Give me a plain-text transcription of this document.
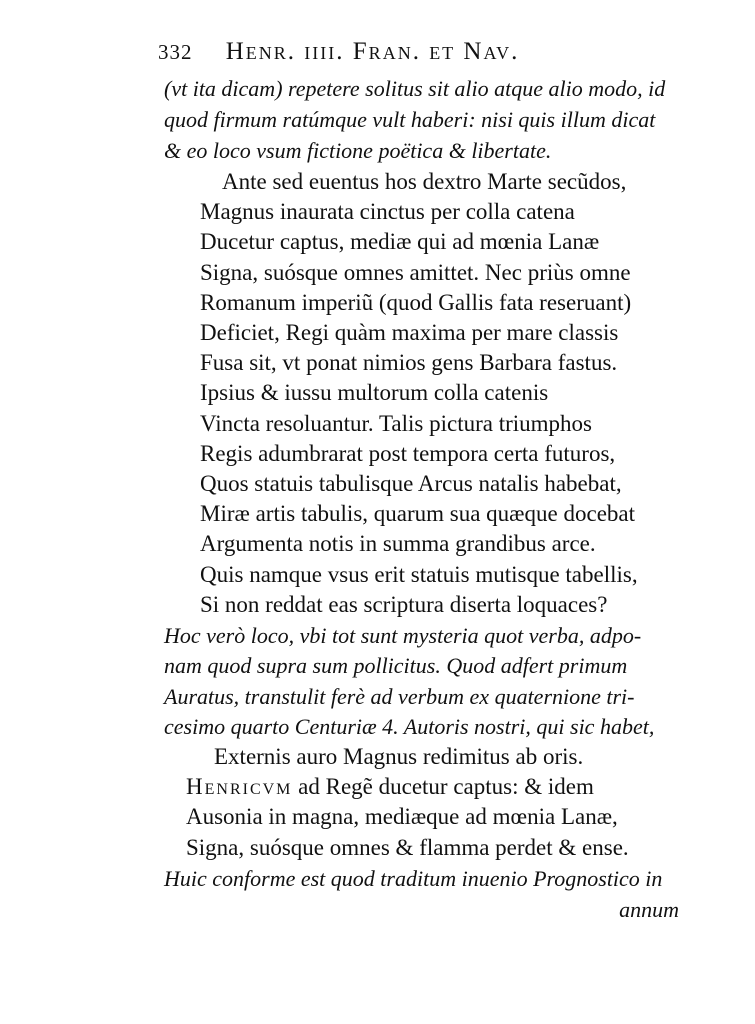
332 Henr. iiii. Fran. et Nav.
(vt ita dicam) repetere solitus sit alio atque alio modo, id
quod firmum ratúmque vult haberi: nisi quis illum dicat
& eo loco vsum fictione poëtica & libertate.
Ante sed euentus hos dextro Marte secũdos,
Magnus inaurata cinctus per colla catena
Ducetur captus, mediæ qui ad mœnia Lanæ
Signa, suósque omnes amittet. Nec priùs omne
Romanum imperiũ (quod Gallis fata reseruant)
Deficiet, Regi quàm maxima per mare classis
Fusa sit, vt ponat nimios gens Barbara fastus.
Ipsius & iussu multorum colla catenis
Vincta resoluantur. Talis pictura triumphos
Regis adumbrarat post tempora certa futuros,
Quos statuis tabulisque Arcus natalis habebat,
Miræ artis tabulis, quarum sua quæque docebat
Argumenta notis in summa grandibus arce.
Quis namque vsus erit statuis mutisque tabellis,
Si non reddat eas scriptura diserta loquaces?
Hoc verò loco, vbi tot sunt mysteria quot verba, adpo-
nam quod supra sum pollicitus. Quod adfert primum
Auratus, transtulit ferè ad verbum ex quaternione tri-
cesimo quarto Centuriæ 4. Autoris nostri, qui sic habet,
Externis auro Magnus redimitus ab oris.
Henricvm ad Regẽ ducetur captus: & idem
Ausonia in magna, mediæque ad mœnia Lanæ,
Signa, suósque omnes & flamma perdet & ense.
Huic conforme est quod traditum inuenio Prognostico in
annum
